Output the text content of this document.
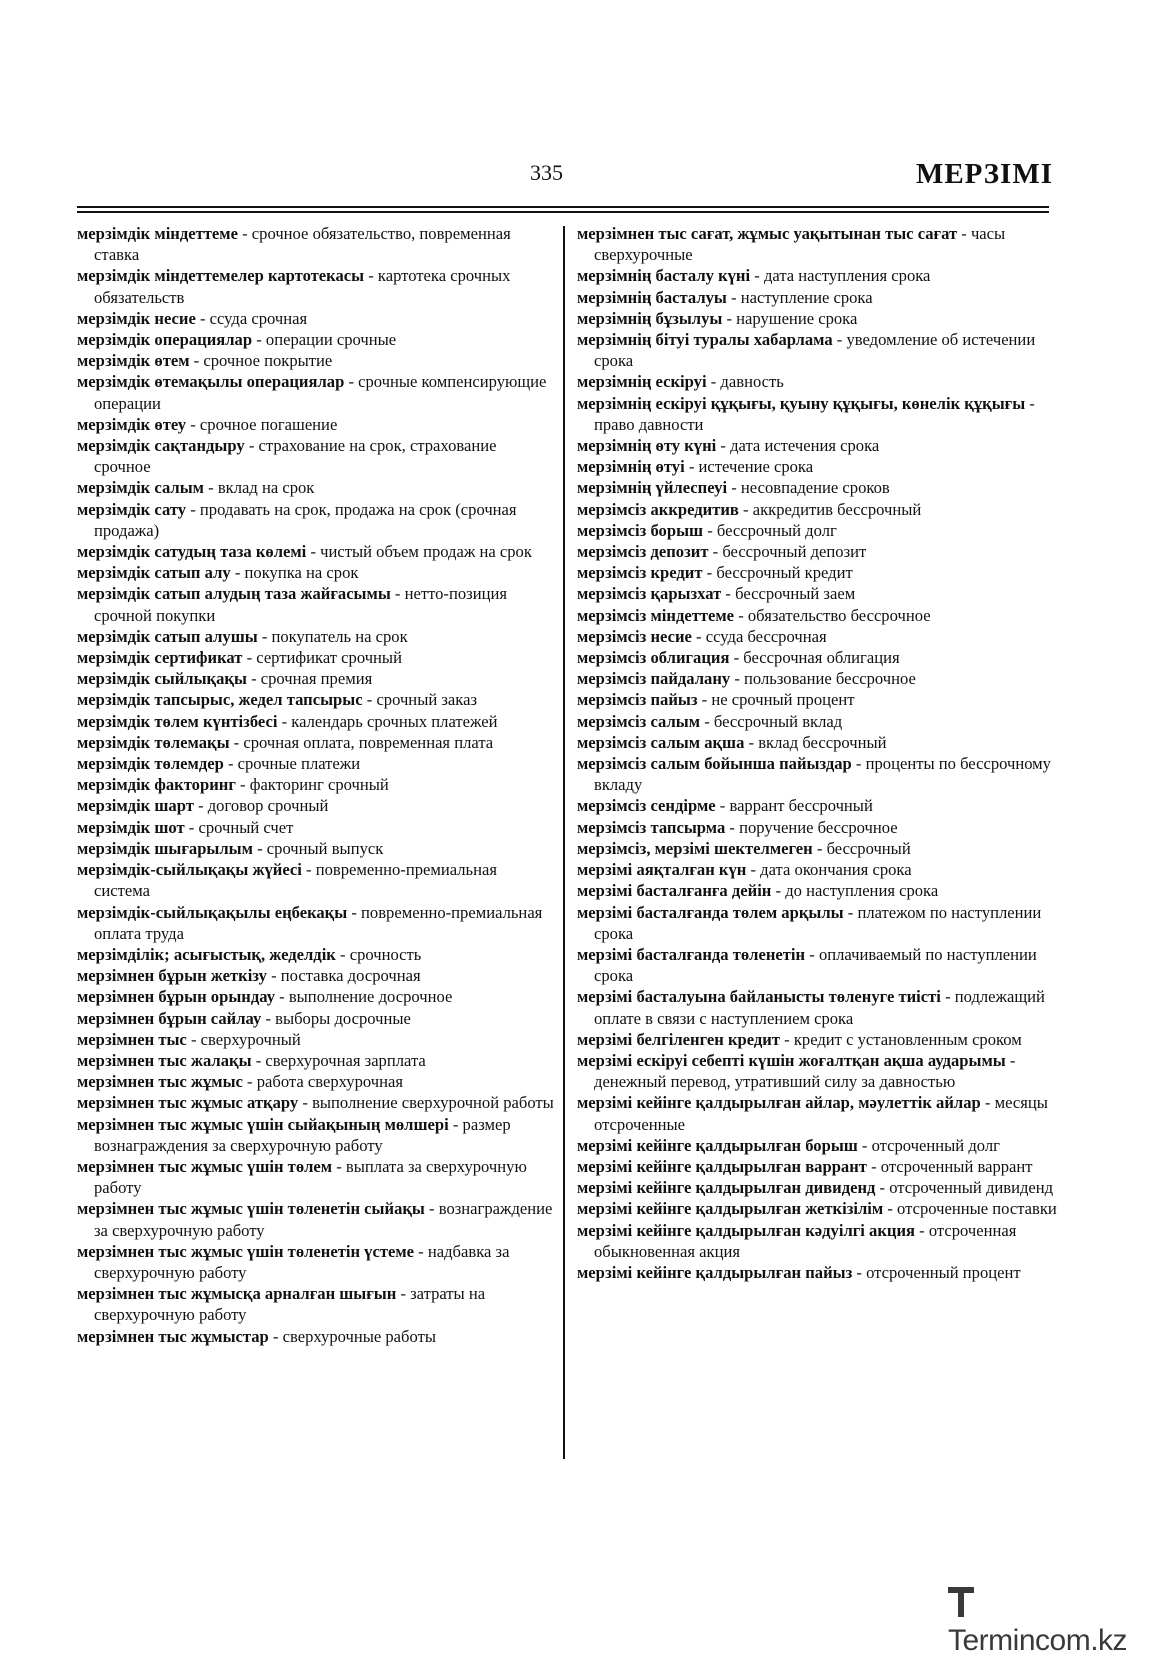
335	МЕРЗІМІ

мерзімдік міндеттеме - срочное обязательство, повременная ставка

мерзімдік міндеттемелер картотекасы - картотека срочных обязательств

мерзімдік несие - ссуда срочная

мерзімдік операциялар - операции срочные

мерзімдік өтем - срочное покрытие

мерзімдік өтемақылы операциялар - срочные компенсирующие операции

мерзімдік өтеу - срочное погашение

мерзімдік сақтандыру - страхование на срок, страхование срочное

мерзімдік салым - вклад на срок

мерзімдік сату - продавать на срок, продажа на срок (срочная продажа)

мерзімдік сатудың таза көлемі - чистый объем продаж на срок

мерзімдік сатып алу - покупка на срок

мерзімдік сатып алудың таза жайғасымы - нетто-позиция срочной покупки

мерзімдік сатып алушы - покупатель на срок

мерзімдік сертификат - сертификат срочный

мерзімдік сыйлықақы - срочная премия

мерзімдік тапсырыс, жедел тапсырыс - срочный заказ

мерзімдік төлем күнтізбесі - календарь срочных платежей

мерзімдік төлемақы - срочная оплата, повременная плата

мерзімдік төлемдер - срочные платежи

мерзімдік факторинг - факторинг срочный

мерзімдік шарт - договор срочный

мерзімдік шот - срочный счет

мерзімдік шығарылым - срочный выпуск

мерзімдік-сыйлықақы жүйесі - повременно-премиальная система

мерзімдік-сыйлықақылы еңбекақы - повременно-премиальная оплата труда

мерзімділік; асығыстық, жеделдік - срочность

мерзімнен бұрын жеткізу - поставка досрочная

мерзімнен бұрын орындау - выполнение досрочное

мерзімнен бұрын сайлау - выборы досрочные

мерзімнен тыс - сверхурочный

мерзімнен тыс жалақы - сверхурочная зарплата

мерзімнен тыс жұмыс - работа сверхурочная

мерзімнен тыс жұмыс атқару - выполнение сверхурочной работы

мерзімнен тыс жұмыс үшін сыйақының мөлшері - размер вознаграждения за сверхурочную работу

мерзімнен тыс жұмыс үшін төлем - выплата за сверхурочную работу

мерзімнен тыс жұмыс үшін төленетін сыйақы - вознаграждение за сверхурочную работу

мерзімнен тыс жұмыс үшін төленетін үстеме - надбавка за сверхурочную работу

мерзімнен тыс жұмысқа арналған шығын - затраты на сверхурочную работу

мерзімнен тыс жұмыстар - сверхурочные работы

мерзімнен тыс сағат, жұмыс уақытынан тыс сағат - часы сверхурочные

мерзімнің басталу күні - дата наступления срока

мерзімнің басталуы - наступление срока

мерзімнің бұзылуы - нарушение срока

мерзімнің бітуі туралы хабарлама - уведомление об истечении срока

мерзімнің ескіруі - давность

мерзімнің ескіруі құқығы, қуыну құқығы, көнелік құқығы - право давности

мерзімнің өту күні - дата истечения срока

мерзімнің өтуі - истечение срока

мерзімнің үйлеспеуі - несовпадение сроков

мерзімсіз аккредитив - аккредитив бессрочный

мерзімсіз борыш - бессрочный долг

мерзімсіз депозит - бессрочный депозит

мерзімсіз кредит - бессрочный кредит

мерзімсіз қарызхат - бессрочный заем

мерзімсіз міндеттеме - обязательство бессрочное

мерзімсіз несие - ссуда бессрочная

мерзімсіз облигация - бессрочная облигация

мерзімсіз пайдалану - пользование бессрочное

мерзімсіз пайыз - не срочный процент

мерзімсіз салым - бессрочный вклад

мерзімсіз салым ақша - вклад бессрочный

мерзімсіз салым бойынша пайыздар - проценты по бессрочному вкладу

мерзімсіз сендірме - варрант бессрочный

мерзімсіз тапсырма - поручение бессрочное

мерзімсіз, мерзімі шектелмеген - бессрочный

мерзімі аяқталған күн - дата окончания срока

мерзімі басталғанға дейін - до наступления срока

мерзімі басталғанда төлем арқылы - платежом по наступлении срока

мерзімі басталғанда төленетін - оплачиваемый по наступлении срока

мерзімі басталуына байланысты төленуге тиісті - подлежащий оплате в связи с наступлением срока

мерзімі белгіленген кредит - кредит с установленным сроком

мерзімі ескіруі себепті күшін жоғалтқан ақша аударымы - денежный перевод, утративший силу за давностью

мерзімі кейінге қалдырылған айлар, мәулеттік айлар - месяцы отсроченные

мерзімі кейінге қалдырылған борыш - отсроченный долг

мерзімі кейінге қалдырылған варрант - отсроченный варрант

мерзімі кейінге қалдырылған дивиденд - отсроченный дивиденд

мерзімі кейінге қалдырылған жеткізілім - отсроченные поставки

мерзімі кейінге қалдырылған кәдуілгі акция - отсроченная обыкновенная акция

мерзімі кейінге қалдырылған пайыз - отсроченный процент

Termincom.kz
